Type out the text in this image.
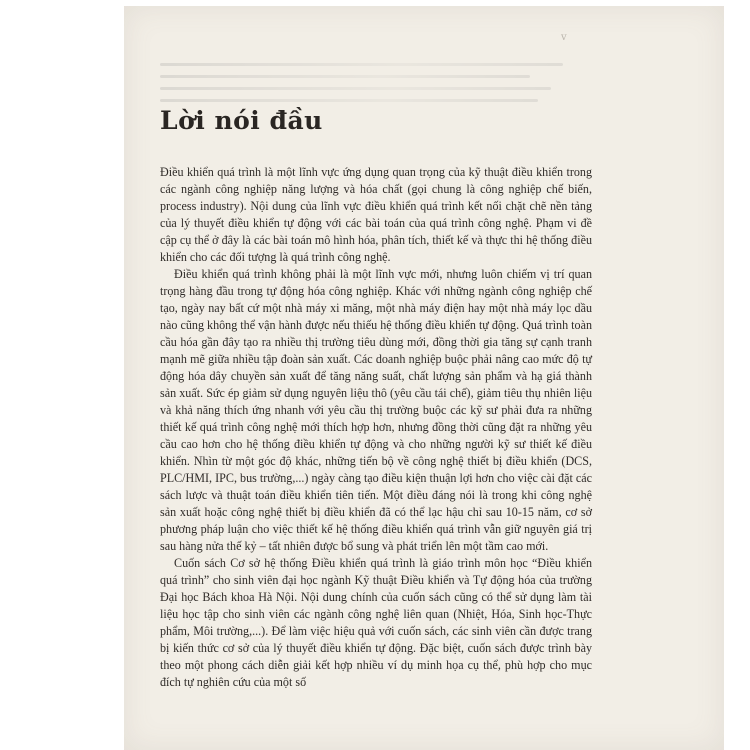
v
Lời nói đầu

Điều khiển quá trình là một lĩnh vực ứng dụng quan trọng của kỹ thuật điều khiển trong các ngành công nghiệp năng lượng và hóa chất (gọi chung là công nghiệp chế biến, process industry). Nội dung của lĩnh vực điều khiển quá trình kết nối chặt chẽ nền tảng của lý thuyết điều khiển tự động với các bài toán của quá trình công nghệ. Phạm vi đề cập cụ thể ở đây là các bài toán mô hình hóa, phân tích, thiết kế và thực thi hệ thống điều khiển cho các đối tượng là quá trình công nghệ.

Điều khiển quá trình không phải là một lĩnh vực mới, nhưng luôn chiếm vị trí quan trọng hàng đầu trong tự động hóa công nghiệp. Khác với những ngành công nghiệp chế tạo, ngày nay bất cứ một nhà máy xi măng, một nhà máy điện hay một nhà máy lọc dầu nào cũng không thể vận hành được nếu thiếu hệ thống điều khiển tự động. Quá trình toàn cầu hóa gần đây tạo ra nhiều thị trường tiêu dùng mới, đồng thời gia tăng sự cạnh tranh mạnh mẽ giữa nhiều tập đoàn sản xuất. Các doanh nghiệp buộc phải nâng cao mức độ tự động hóa dây chuyền sản xuất để tăng năng suất, chất lượng sản phẩm và hạ giá thành sản xuất. Sức ép giảm sử dụng nguyên liệu thô (yêu cầu tái chế), giảm tiêu thụ nhiên liệu và khả năng thích ứng nhanh với yêu cầu thị trường buộc các kỹ sư phải đưa ra những thiết kế quá trình công nghệ mới thích hợp hơn, nhưng đồng thời cũng đặt ra những yêu cầu cao hơn cho hệ thống điều khiển tự động và cho những người kỹ sư thiết kế điều khiển. Nhìn từ một góc độ khác, những tiến bộ về công nghệ thiết bị điều khiển (DCS, PLC/HMI, IPC, bus trường,...) ngày càng tạo điều kiện thuận lợi hơn cho việc cài đặt các sách lược và thuật toán điều khiển tiên tiến. Một điều đáng nói là trong khi công nghệ sản xuất hoặc công nghệ thiết bị điều khiển đã có thể lạc hậu chỉ sau 10-15 năm, cơ sở phương pháp luận cho việc thiết kế hệ thống điều khiển quá trình vẫn giữ nguyên giá trị sau hàng nửa thế kỷ – tất nhiên được bổ sung và phát triển lên một tầm cao mới.

Cuốn sách Cơ sở hệ thống Điều khiển quá trình là giáo trình môn học “Điều khiển quá trình” cho sinh viên đại học ngành Kỹ thuật Điều khiển và Tự động hóa của trường Đại học Bách khoa Hà Nội. Nội dung chính của cuốn sách cũng có thể sử dụng làm tài liệu học tập cho sinh viên các ngành công nghệ liên quan (Nhiệt, Hóa, Sinh học-Thực phẩm, Môi trường,...). Để làm việc hiệu quả với cuốn sách, các sinh viên cần được trang bị kiến thức cơ sở của lý thuyết điều khiển tự động. Đặc biệt, cuốn sách được trình bày theo một phong cách diễn giải kết hợp nhiều ví dụ minh họa cụ thể, phù hợp cho mục đích tự nghiên cứu của một số
